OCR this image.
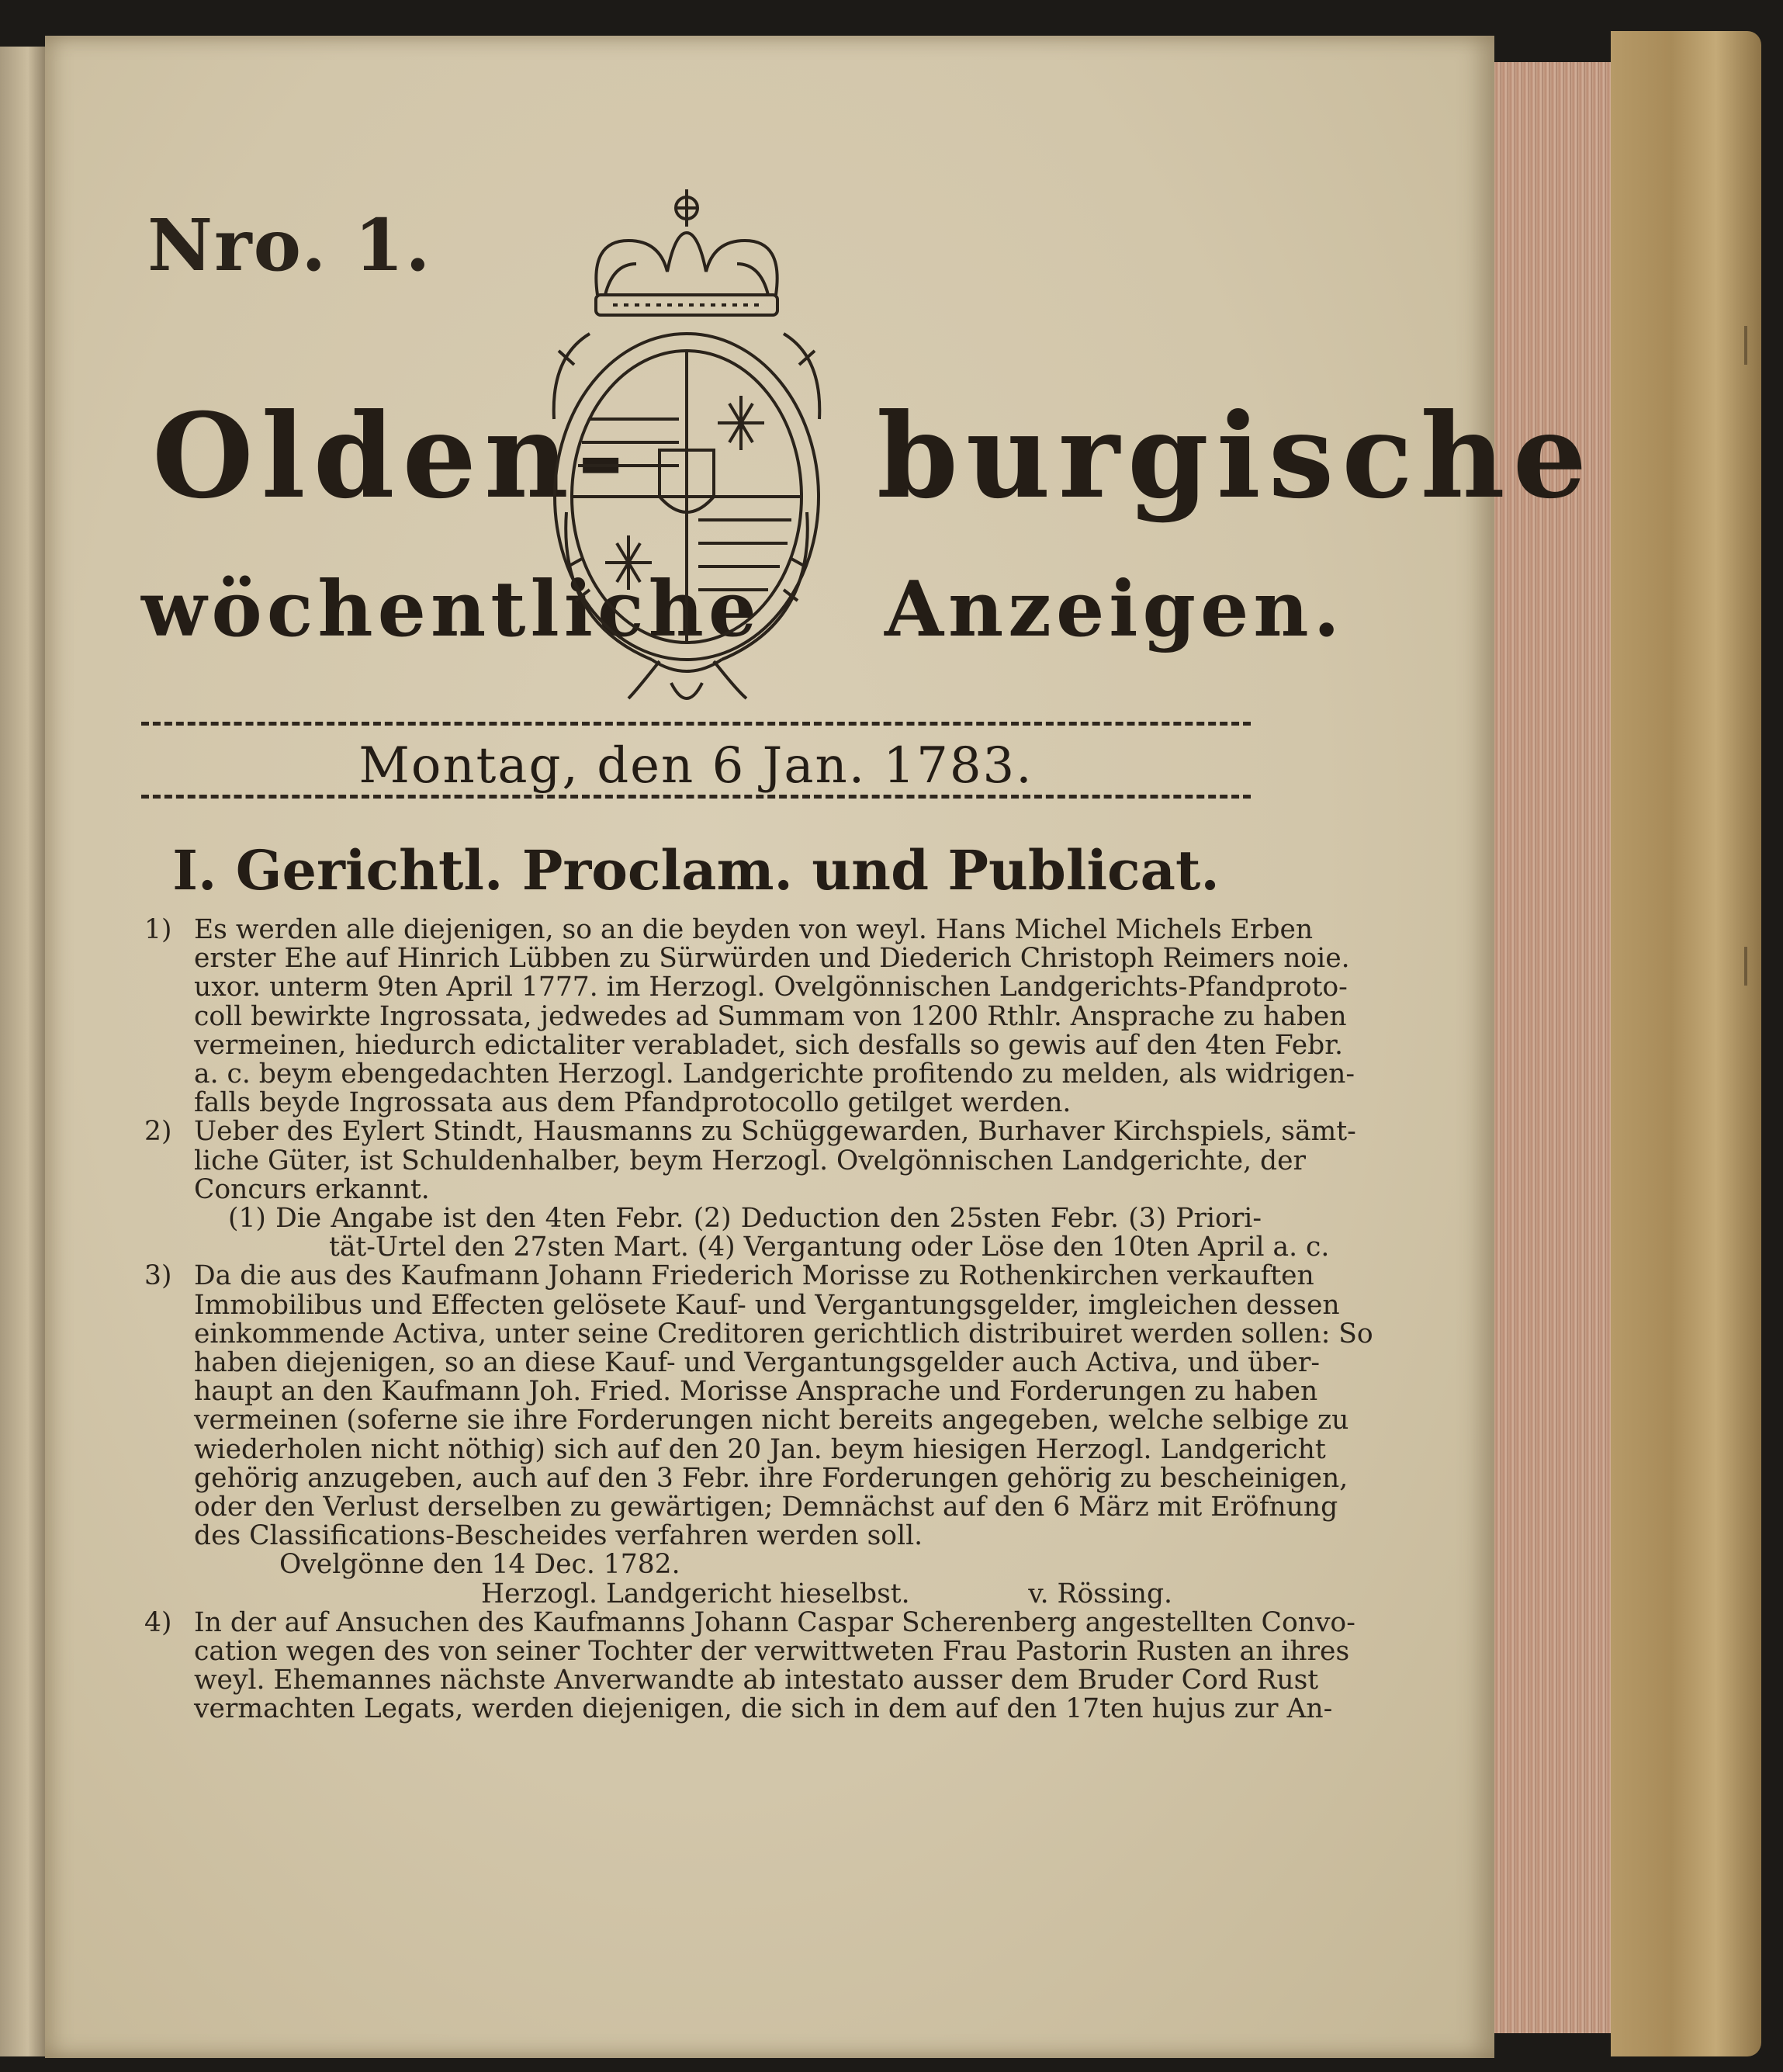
Nro. 1.
Olden- burgische
wöchentliche Anzeigen.
Montag, den 6 Jan. 1783.
I. Gerichtl. Proclam. und Publicat.
1) Es werden alle diejenigen, so an die beyden von weyl. Hans Michel Michels Erben
erster Ehe auf Hinrich Lübben zu Sürwürden und Diederich Christoph Reimers noie.
uxor. unterm 9ten April 1777. im Herzogl. Ovelgönnischen Landgerichts-Pfandproto-
coll bewirkte Ingrossata, jedwedes ad Summam von 1200 Rthlr. Ansprache zu haben
vermeinen, hiedurch edictaliter verabladet, sich desfalls so gewis auf den 4ten Febr.
a. c. beym ebengedachten Herzogl. Landgerichte profitendo zu melden, als widrigen-
falls beyde Ingrossata aus dem Pfandprotocollo getilget werden.
2) Ueber des Eylert Stindt, Hausmanns zu Schüggewarden, Burhaver Kirchspiels, sämt-
liche Güter, ist Schuldenhalber, beym Herzogl. Ovelgönnischen Landgerichte, der
Concurs erkannt.
(1) Die Angabe ist den 4ten Febr. (2) Deduction den 25sten Febr. (3) Priori-
tät-Urtel den 27sten Mart. (4) Vergantung oder Löse den 10ten April a. c.
3) Da die aus des Kaufmann Johann Friederich Morisse zu Rothenkirchen verkauften
Immobilibus und Effecten gelösete Kauf- und Vergantungsgelder, imgleichen dessen
einkommende Activa, unter seine Creditoren gerichtlich distribuiret werden sollen: So
haben diejenigen, so an diese Kauf- und Vergantungsgelder auch Activa, und über-
haupt an den Kaufmann Joh. Fried. Morisse Ansprache und Forderungen zu haben
vermeinen (soferne sie ihre Forderungen nicht bereits angegeben, welche selbige zu
wiederholen nicht nöthig) sich auf den 20 Jan. beym hiesigen Herzogl. Landgericht
gehörig anzugeben, auch auf den 3 Febr. ihre Forderungen gehörig zu bescheinigen,
oder den Verlust derselben zu gewärtigen; Demnächst auf den 6 März mit Eröfnung
des Classifications-Bescheides verfahren werden soll.
Ovelgönne den 14 Dec. 1782.
Herzogl. Landgericht hieselbst.	v. Rössing.
4) In der auf Ansuchen des Kaufmanns Johann Caspar Scherenberg angestellten Convo-
cation wegen des von seiner Tochter der verwittweten Frau Pastorin Rusten an ihres
weyl. Ehemannes nächste Anverwandte ab intestato ausser dem Bruder Cord Rust
vermachten Legats, werden diejenigen, die sich in dem auf den 17ten hujus zur An-
